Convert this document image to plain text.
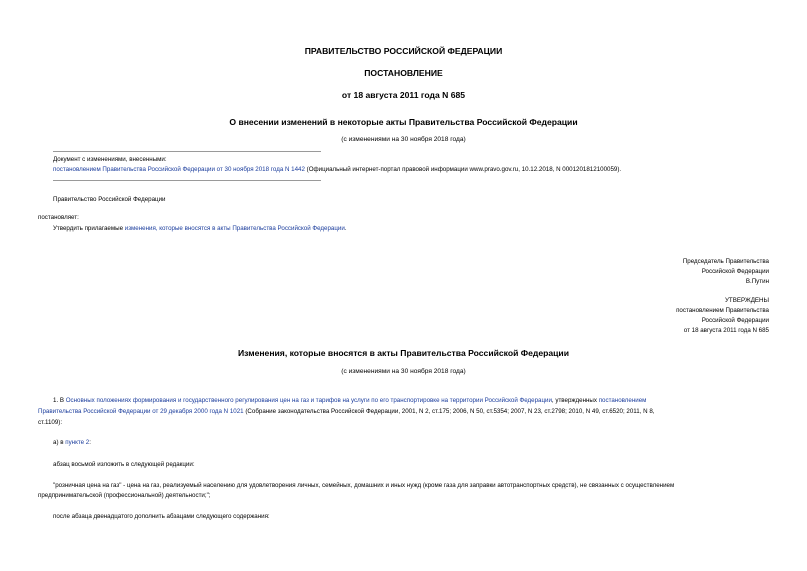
ПРАВИТЕЛЬСТВО РОССИЙСКОЙ ФЕДЕРАЦИИ
ПОСТАНОВЛЕНИЕ
от 18 августа 2011 года N 685
О внесении изменений в некоторые акты Правительства Российской Федерации
(с изменениями на 30 ноября 2018 года)
Документ с изменениями, внесенными:
постановлением Правительства Российской Федерации от 30 ноября 2018 года N 1442 (Официальный интернет-портал правовой информации www.pravo.gov.ru, 10.12.2018, N 0001201812100059).
Правительство Российской Федерации
постановляет:
Утвердить прилагаемые изменения, которые вносятся в акты Правительства Российской Федерации.
Председатель Правительства
Российской Федерации
В.Путин
УТВЕРЖДЕНЫ
постановлением Правительства
Российской Федерации
от 18 августа 2011 года N 685
Изменения, которые вносятся в акты Правительства Российской Федерации
(с изменениями на 30 ноября 2018 года)
1. В Основных положениях формирования и государственного регулирования цен на газ и тарифов на услуги по его транспортировке на территории Российской Федерации, утвержденных постановлением
Правительства Российской Федерации от 29 декабря 2000 года N 1021 (Собрание законодательства Российской Федерации, 2001, N 2, ст.175; 2006, N 50, ст.5354; 2007, N 23, ст.2798; 2010, N 49, ст.6520; 2011, N 8,
ст.1109):
а) в пункте 2:
абзац восьмой изложить в следующей редакции:
"розничная цена на газ" - цена на газ, реализуемый населению для удовлетворения личных, семейных, домашних и иных нужд (кроме газа для заправки автотранспортных средств), не связанных с осуществлением
предпринимательской (профессиональной) деятельности;";
после абзаца двенадцатого дополнить абзацами следующего содержания:
